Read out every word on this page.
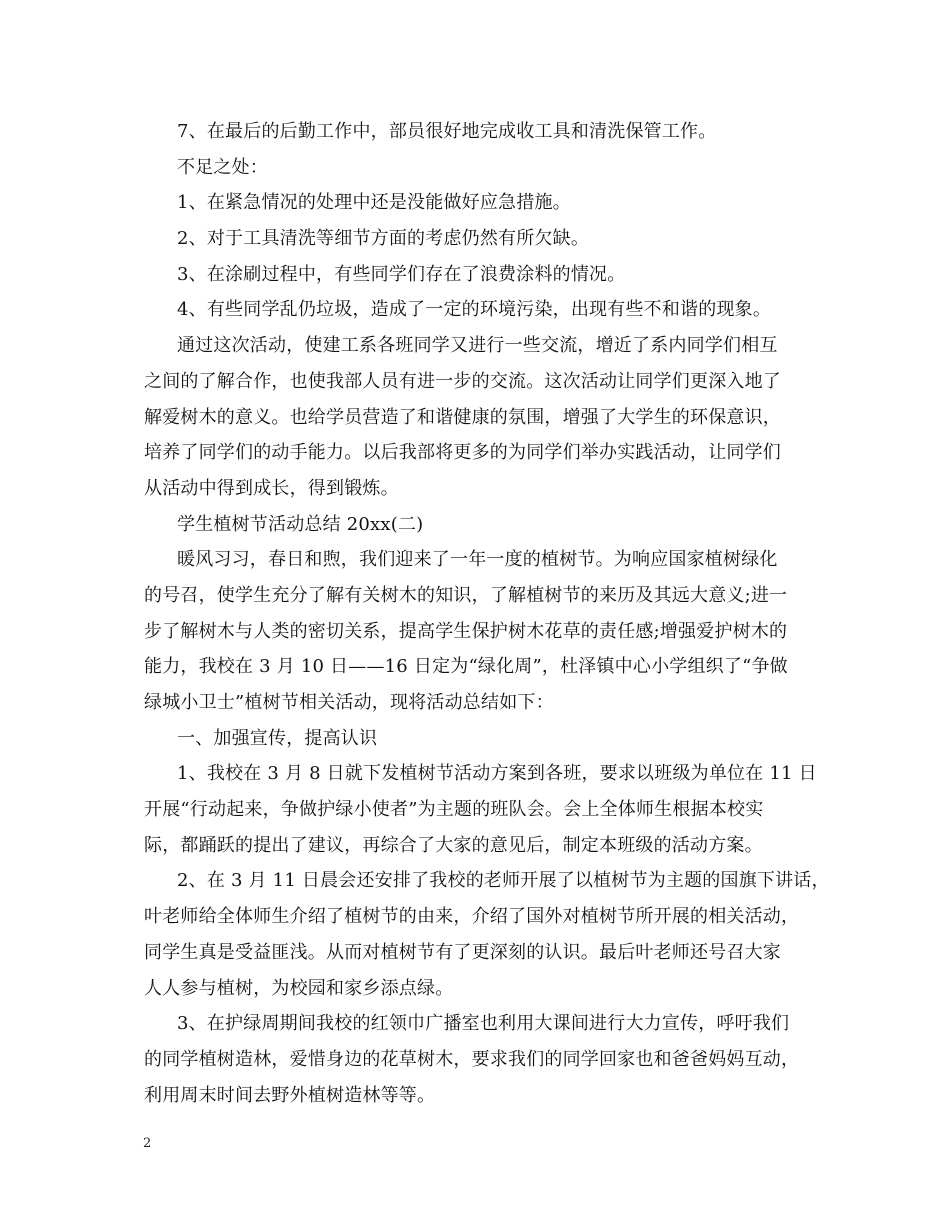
7、在最后的后勤工作中，部员很好地完成收工具和清洗保管工作。
不足之处：
1、在紧急情况的处理中还是没能做好应急措施。
2、对于工具清洗等细节方面的考虑仍然有所欠缺。
3、在涂刷过程中，有些同学们存在了浪费涂料的情况。
4、有些同学乱仍垃圾，造成了一定的环境污染，出现有些不和谐的现象。
通过这次活动，使建工系各班同学又进行一些交流，增近了系内同学们相互
之间的了解合作，也使我部人员有进一步的交流。这次活动让同学们更深入地了
解爱树木的意义。也给学员营造了和谐健康的氛围，增强了大学生的环保意识，
培养了同学们的动手能力。以后我部将更多的为同学们举办实践活动，让同学们
从活动中得到成长，得到锻炼。
学生植树节活动总结 20xx(二)
暖风习习，春日和煦，我们迎来了一年一度的植树节。为响应国家植树绿化
的号召，使学生充分了解有关树木的知识，了解植树节的来历及其远大意义;进一
步了解树木与人类的密切关系，提高学生保护树木花草的责任感;增强爱护树木的
能力，我校在 3 月 10 日——16 日定为“绿化周”，杜泽镇中心小学组织了“争做
绿城小卫士”植树节相关活动，现将活动总结如下：
一、加强宣传，提高认识
1、我校在 3 月 8 日就下发植树节活动方案到各班，要求以班级为单位在 11 日
开展“行动起来，争做护绿小使者”为主题的班队会。会上全体师生根据本校实
际，都踊跃的提出了建议，再综合了大家的意见后，制定本班级的活动方案。
2、在 3 月 11 日晨会还安排了我校的老师开展了以植树节为主题的国旗下讲话，
叶老师给全体师生介绍了植树节的由来，介绍了国外对植树节所开展的相关活动，
同学生真是受益匪浅。从而对植树节有了更深刻的认识。最后叶老师还号召大家
人人参与植树，为校园和家乡添点绿。
3、在护绿周期间我校的红领巾广播室也利用大课间进行大力宣传，呼吁我们
的同学植树造林，爱惜身边的花草树木，要求我们的同学回家也和爸爸妈妈互动，
利用周末时间去野外植树造林等等。
2
